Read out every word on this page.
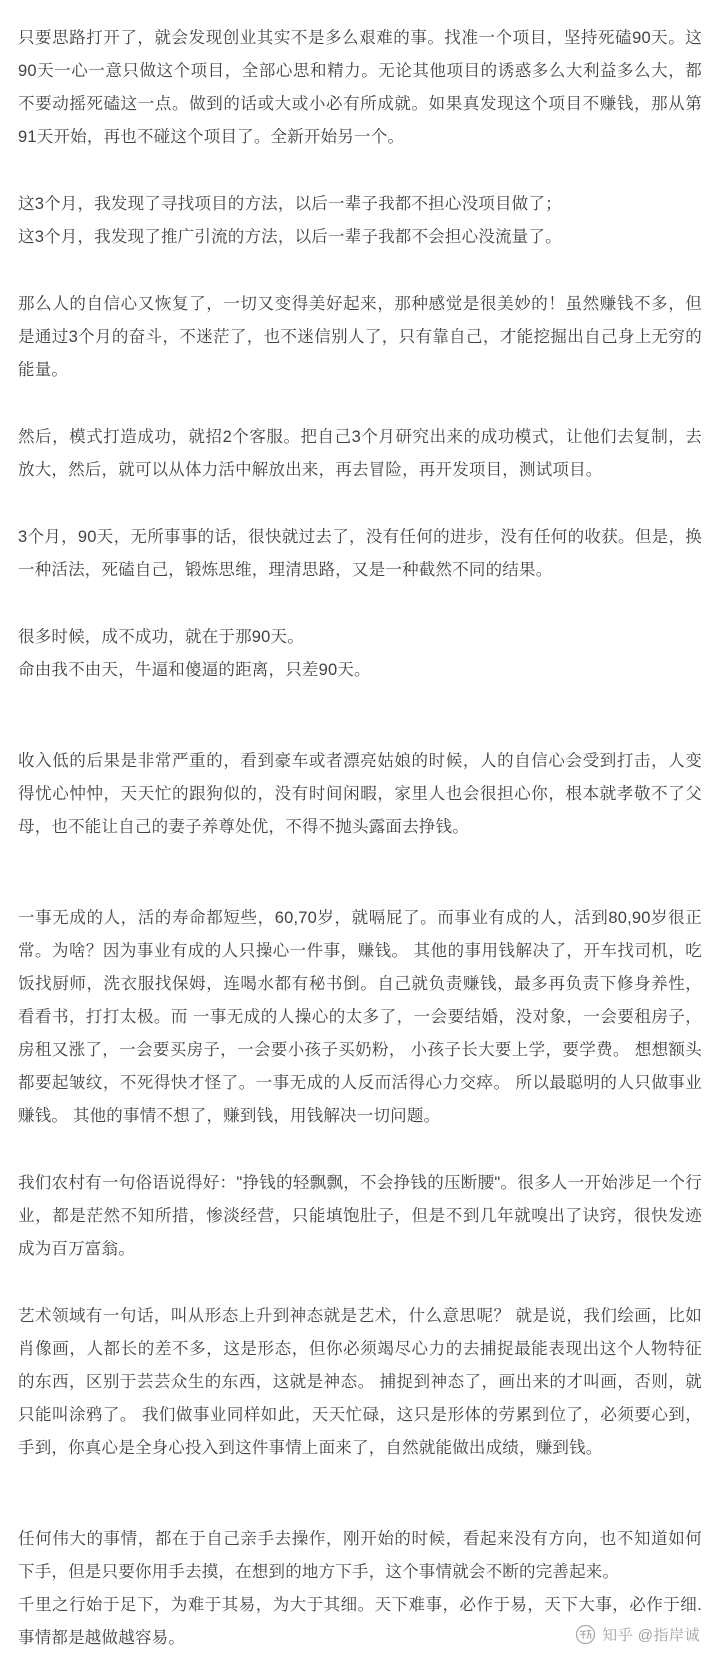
只要思路打开了，就会发现创业其实不是多么艰难的事。找准一个项目，坚持死磕90天。这90天一心一意只做这个项目，全部心思和精力。无论其他项目的诱惑多么大利益多么大，都不要动摇死磕这一点。做到的话或大或小必有所成就。如果真发现这个项目不赚钱，那从第91天开始，再也不碰这个项目了。全新开始另一个。

这3个月，我发现了寻找项目的方法，以后一辈子我都不担心没项目做了；

这3个月，我发现了推广引流的方法，以后一辈子我都不会担心没流量了。

那么人的自信心又恢复了，一切又变得美好起来，那种感觉是很美妙的！虽然赚钱不多，但是通过3个月的奋斗，不迷茫了，也不迷信别人了，只有靠自己，才能挖掘出自己身上无穷的能量。

然后，模式打造成功，就招2个客服。把自己3个月研究出来的成功模式，让他们去复制，去放大，然后，就可以从体力活中解放出来，再去冒险，再开发项目，测试项目。

3个月，90天，无所事事的话，很快就过去了，没有任何的进步，没有任何的收获。但是，换一种活法，死磕自己，锻炼思维，理清思路，又是一种截然不同的结果。

很多时候，成不成功，就在于那90天。

命由我不由天，牛逼和傻逼的距离，只差90天。

收入低的后果是非常严重的，看到豪车或者漂亮姑娘的时候，人的自信心会受到打击，人变得忧心忡忡，天天忙的跟狗似的，没有时间闲暇，家里人也会很担心你，根本就孝敬不了父母，也不能让自己的妻子养尊处优，不得不抛头露面去挣钱。

一事无成的人，活的寿命都短些，60,70岁，就嗝屁了。而事业有成的人，活到80,90岁很正常。为啥？因为事业有成的人只操心一件事，赚钱。 其他的事用钱解决了，开车找司机，吃饭找厨师，洗衣服找保姆，连喝水都有秘书倒。自己就负责赚钱，最多再负责下修身养性，看看书，打打太极。而 一事无成的人操心的太多了，一会要结婚，没对象，一会要租房子，房租又涨了，一会要买房子，一会要小孩子买奶粉， 小孩子长大要上学，要学费。 想想额头都要起皱纹，不死得快才怪了。一事无成的人反而活得心力交瘁。 所以最聪明的人只做事业赚钱。 其他的事情不想了，赚到钱，用钱解决一切问题。

我们农村有一句俗语说得好："挣钱的轻飘飘，不会挣钱的压断腰"。很多人一开始涉足一个行业，都是茫然不知所措，惨淡经营，只能填饱肚子，但是不到几年就嗅出了诀窍，很快发迹成为百万富翁。

艺术领域有一句话，叫从形态上升到神态就是艺术，什么意思呢？ 就是说，我们绘画，比如肖像画，人都长的差不多，这是形态，但你必须竭尽心力的去捕捉最能表现出这个人物特征的东西，区别于芸芸众生的东西，这就是神态。 捕捉到神态了，画出来的才叫画，否则，就只能叫涂鸦了。 我们做事业同样如此，天天忙碌，这只是形体的劳累到位了，必须要心到，手到，你真心是全身心投入到这件事情上面来了，自然就能做出成绩，赚到钱。

任何伟大的事情，都在于自己亲手去操作，刚开始的时候，看起来没有方向，也不知道如何下手，但是只要你用手去摸，在想到的地方下手，这个事情就会不断的完善起来。

千里之行始于足下，为难于其易，为大于其细。天下难事，必作于易，天下大事，必作于细.事情都是越做越容易。	知乎 @指岸诚
